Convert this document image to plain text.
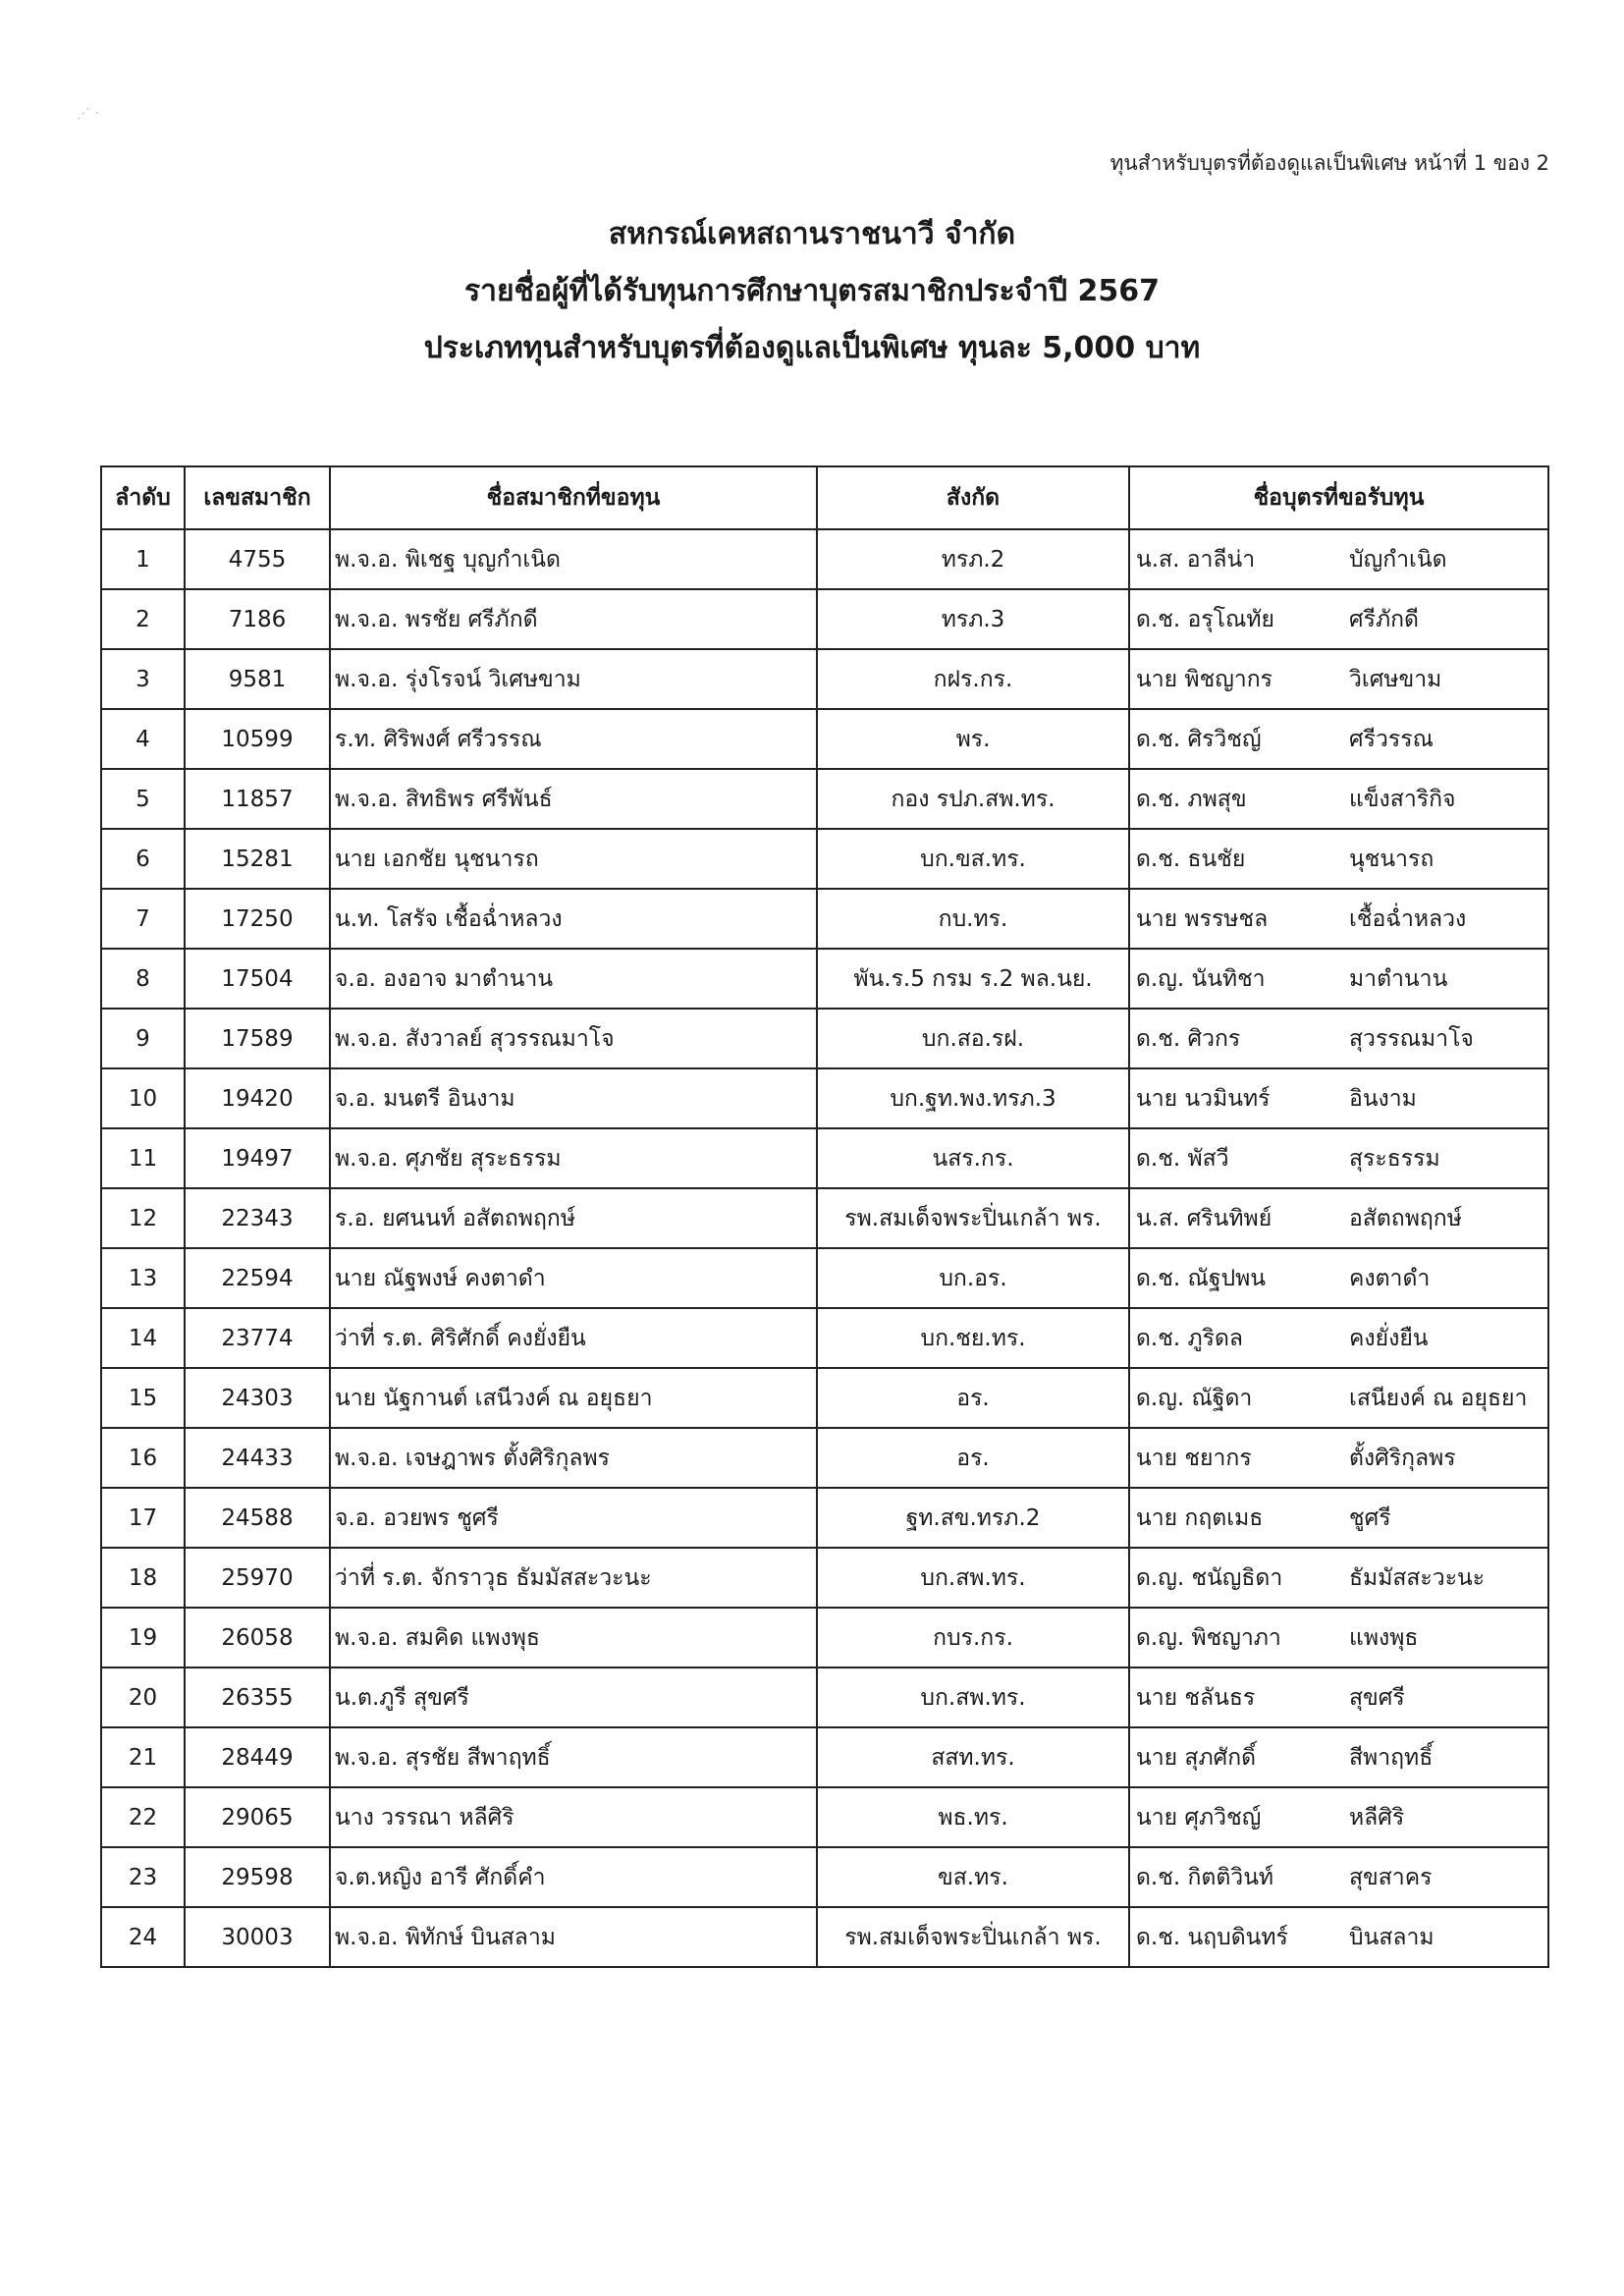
⋰ ·
ทุนสำหรับบุตรที่ต้องดูแลเป็นพิเศษ หน้าที่ 1 ของ 2
สหกรณ์เคหสถานราชนาวี จำกัด
รายชื่อผู้ที่ได้รับทุนการศึกษาบุตรสมาชิกประจำปี 2567
ประเภททุนสำหรับบุตรที่ต้องดูแลเป็นพิเศษ ทุนละ 5,000 บาท
ลำดับ	เลขสมาชิก	ชื่อสมาชิกที่ขอทุน	สังกัด	ชื่อบุตรที่ขอรับทุน
1	4755	พ.จ.อ. พิเชฐ บุญกำเนิด	ทรภ.2	น.ส. อาลีน่า บัญกำเนิด

2	7186	พ.จ.อ. พรชัย ศรีภักดี	ทรภ.3	ด.ช. อรุโณทัย ศรีภักดี

3	9581	พ.จ.อ. รุ่งโรจน์ วิเศษขาม	กฝร.กร.	นาย พิชญากร วิเศษขาม

4	10599	ร.ท. ศิริพงศ์ ศรีวรรณ	พร.	ด.ช. ศิรวิชญ์ ศรีวรรณ

5	11857	พ.จ.อ. สิทธิพร ศรีพันธ์	กอง รปภ.สพ.ทร.	ด.ช. ภพสุข แข็งสาริกิจ

6	15281	นาย เอกชัย นุชนารถ	บก.ขส.ทร.	ด.ช. ธนชัย นุชนารถ

7	17250	น.ท. โสรัจ เชื้อฉ่ำหลวง	กบ.ทร.	นาย พรรษชล เชื้อฉ่ำหลวง

8	17504	จ.อ. องอาจ มาตำนาน	พัน.ร.5 กรม ร.2 พล.นย.	ด.ญ. นันทิชา มาตำนาน

9	17589	พ.จ.อ. สังวาลย์ สุวรรณมาโจ	บก.สอ.รฝ.	ด.ช. ศิวกร สุวรรณมาโจ

10	19420	จ.อ. มนตรี อินงาม	บก.ฐท.พง.ทรภ.3	นาย นวมินทร์ อินงาม

11	19497	พ.จ.อ. ศุภชัย สุระธรรม	นสร.กร.	ด.ช. พัสวี สุระธรรม

12	22343	ร.อ. ยศนนท์ อสัตถพฤกษ์	รพ.สมเด็จพระปิ่นเกล้า พร.	น.ส. ศรินทิพย์ อสัตถพฤกษ์

13	22594	นาย ณัฐพงษ์ คงตาดำ	บก.อร.	ด.ช. ณัฐปพน คงตาดำ

14	23774	ว่าที่ ร.ต. ศิริศักดิ์ คงยั่งยืน	บก.ชย.ทร.	ด.ช. ภูริดล คงยั่งยืน

15	24303	นาย นัฐกานต์ เสนีวงค์ ณ อยุธยา	อร.	ด.ญ. ณัฐิดา เสนียงค์ ณ อยุธยา

16	24433	พ.จ.อ. เจษฎาพร ตั้งศิริกุลพร	อร.	นาย ชยากร ตั้งศิริกุลพร

17	24588	จ.อ. อวยพร ชูศรี	ฐท.สข.ทรภ.2	นาย กฤตเมธ ชูศรี

18	25970	ว่าที่ ร.ต. จักราวุธ ธัมมัสสะวะนะ	บก.สพ.ทร.	ด.ญ. ชนัญธิดา ธัมมัสสะวะนะ

19	26058	พ.จ.อ. สมคิด แพงพุธ	กบร.กร.	ด.ญ. พิชญาภา แพงพุธ

20	26355	น.ต.ภูรี สุขศรี	บก.สพ.ทร.	นาย ชลันธร สุขศรี

21	28449	พ.จ.อ. สุรชัย สีพาฤทธิ์	สสท.ทร.	นาย สุภศักดิ์ สีพาฤทธิ์

22	29065	นาง วรรณา หลีศิริ	พธ.ทร.	นาย ศุภวิชญ์ หลีศิริ

23	29598	จ.ต.หญิง อารี ศักดิ์คำ	ขส.ทร.	ด.ช. กิตติวินท์ สุขสาคร

24	30003	พ.จ.อ. พิทักษ์ บินสลาม	รพ.สมเด็จพระปิ่นเกล้า พร.	ด.ช. นฤบดินทร์ บินสลาม
